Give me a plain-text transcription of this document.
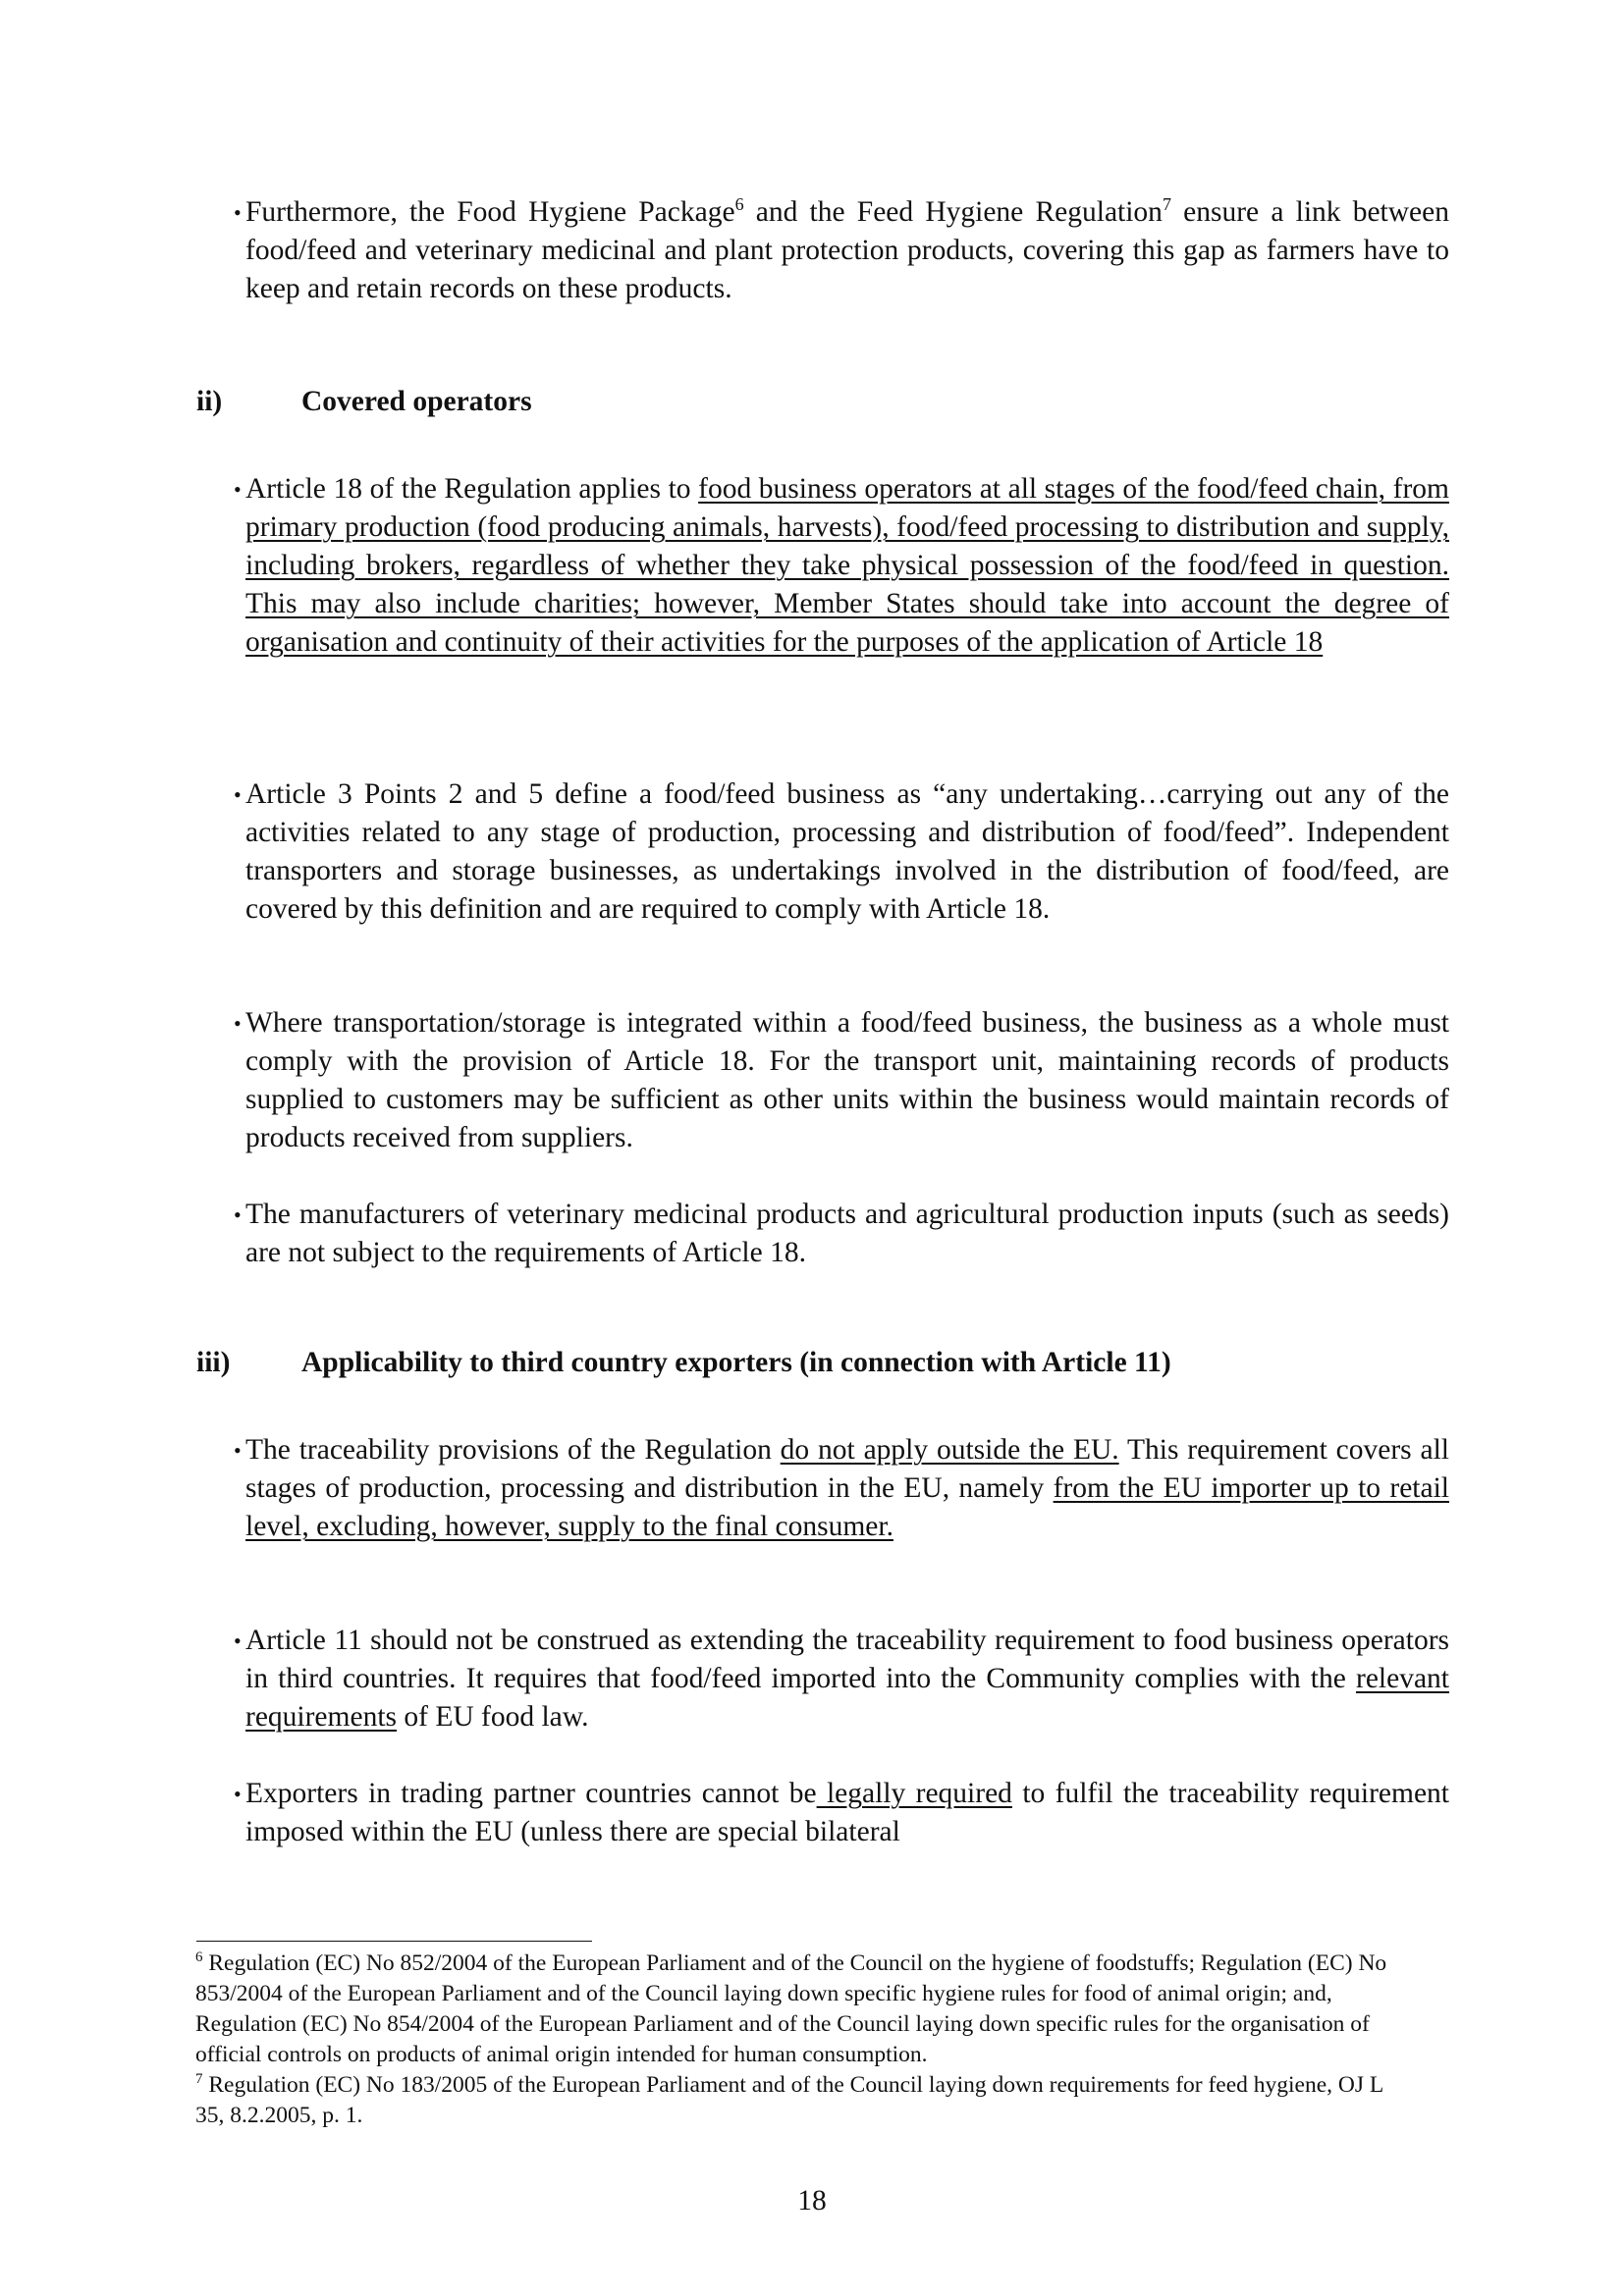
• Furthermore, the Food Hygiene Package$^6$ and the Feed Hygiene Regulation$^7$ ensure a link between food/feed and veterinary medicinal and plant protection products, covering this gap as farmers have to keep and retain records on these products.
ii)	Covered operators
• Article 18 of the Regulation applies to food business operators at all stages of the food/feed chain, from primary production (food producing animals, harvests), food/feed processing to distribution and supply, including brokers, regardless of whether they take physical possession of the food/feed in question. This may also include charities; however, Member States should take into account the degree of organisation and continuity of their activities for the purposes of the application of Article 18
• Article 3 Points 2 and 5 define a food/feed business as “any undertaking…carrying out any of the activities related to any stage of production, processing and distribution of food/feed”. Independent transporters and storage businesses, as undertakings involved in the distribution of food/feed, are covered by this definition and are required to comply with Article 18.
• Where transportation/storage is integrated within a food/feed business, the business as a whole must comply with the provision of Article 18. For the transport unit, maintaining records of products supplied to customers may be sufficient as other units within the business would maintain records of products received from suppliers.
• The manufacturers of veterinary medicinal products and agricultural production inputs (such as seeds) are not subject to the requirements of Article 18.
iii) Applicability to third country exporters (in connection with Article 11)
• The traceability provisions of the Regulation do not apply outside the EU. This requirement covers all stages of production, processing and distribution in the EU, namely from the EU importer up to retail level, excluding, however, supply to the final consumer.
• Article 11 should not be construed as extending the traceability requirement to food business operators in third countries. It requires that food/feed imported into the Community complies with the relevant requirements of EU food law.
• Exporters in trading partner countries cannot be legally required to fulfil the traceability requirement imposed within the EU (unless there are special bilateral

$^6$ Regulation (EC) No 852/2004 of the European Parliament and of the Council on the hygiene of foodstuffs; Regulation (EC) No 853/2004 of the European Parliament and of the Council laying down specific hygiene rules for food of animal origin; and, Regulation (EC) No 854/2004 of the European Parliament and of the Council laying down specific rules for the organisation of official controls on products of animal origin intended for human consumption.

$^7$ Regulation (EC) No 183/2005 of the European Parliament and of the Council laying down requirements for feed hygiene, OJ L 35, 8.2.2005, p. 1.

18
